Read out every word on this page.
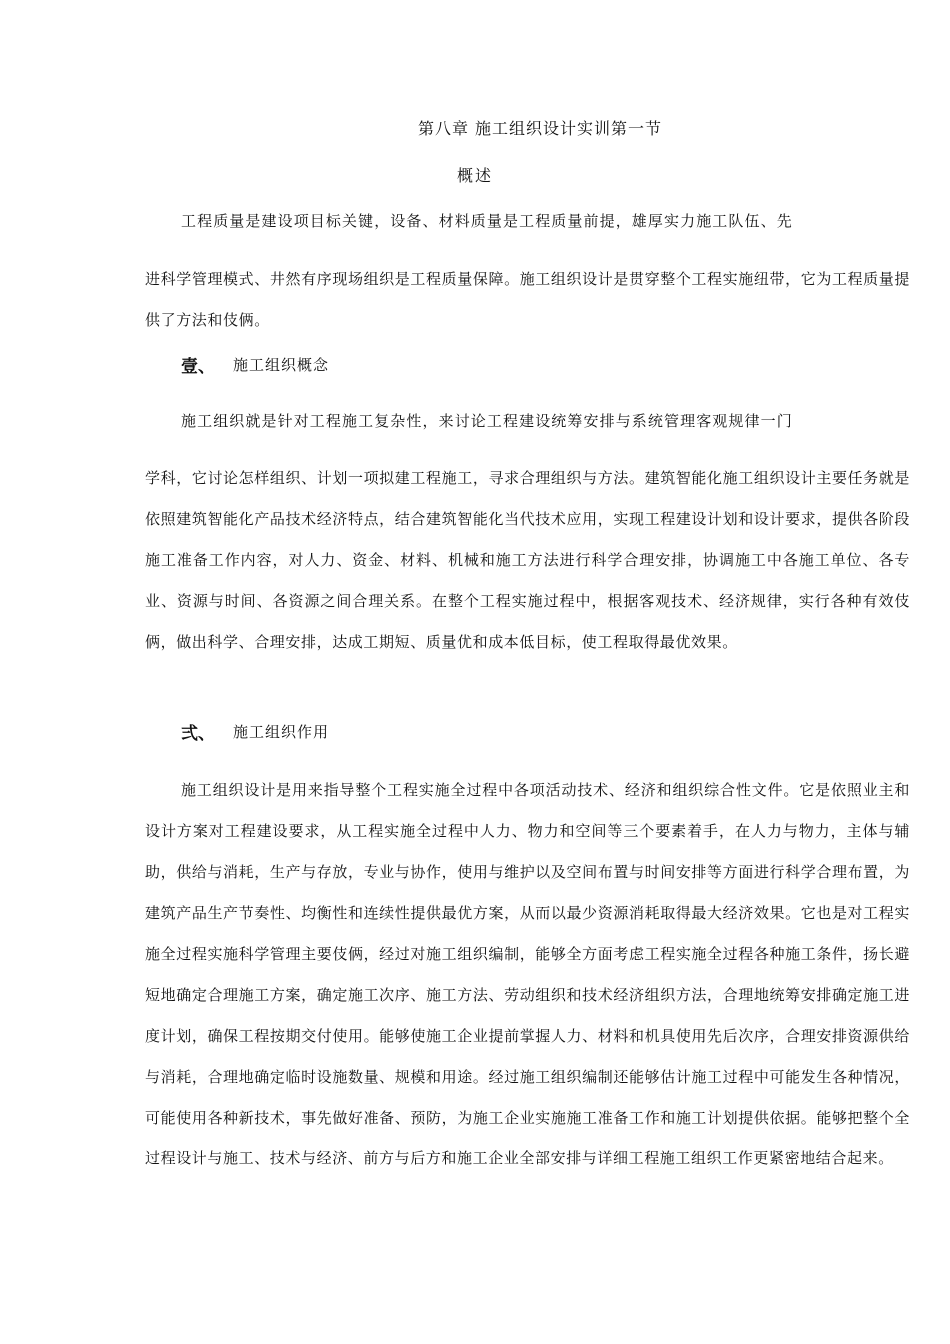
第八章 施工组织设计实训第一节
概述
工程质量是建设项目标关键，设备、材料质量是工程质量前提，雄厚实力施工队伍、先
进科学管理模式、井然有序现场组织是工程质量保障。施工组织设计是贯穿整个工程实施纽带，它为工程质量提供了方法和伎俩。
壹、	施工组织概念
施工组织就是针对工程施工复杂性，来讨论工程建设统筹安排与系统管理客观规律一门
学科，它讨论怎样组织、计划一项拟建工程施工，寻求合理组织与方法。建筑智能化施工组织设计主要任务就是依照建筑智能化产品技术经济特点，结合建筑智能化当代技术应用，实现工程建设计划和设计要求，提供各阶段施工准备工作内容，对人力、资金、材料、机械和施工方法进行科学合理安排，协调施工中各施工单位、各专业、资源与时间、各资源之间合理关系。在整个工程实施过程中，根据客观技术、经济规律，实行各种有效伎俩，做出科学、合理安排，达成工期短、质量优和成本低目标，使工程取得最优效果。
弍、	施工组织作用
施工组织设计是用来指导整个工程实施全过程中各项活动技术、经济和组织综合性文件。它是依照业主和设计方案对工程建设要求，从工程实施全过程中人力、物力和空间等三个要素着手，在人力与物力，主体与辅助，供给与消耗，生产与存放，专业与协作，使用与维护以及空间布置与时间安排等方面进行科学合理布置，为建筑产品生产节奏性、均衡性和连续性提供最优方案，从而以最少资源消耗取得最大经济效果。它也是对工程实施全过程实施科学管理主要伎俩，经过对施工组织编制，能够全方面考虑工程实施全过程各种施工条件，扬长避短地确定合理施工方案，确定施工次序、施工方法、劳动组织和技术经济组织方法，合理地统筹安排确定施工进度计划，确保工程按期交付使用。能够使施工企业提前掌握人力、材料和机具使用先后次序，合理安排资源供给与消耗，合理地确定临时设施数量、规模和用途。经过施工组织编制还能够估计施工过程中可能发生各种情况，可能使用各种新技术，事先做好准备、预防，为施工企业实施施工准备工作和施工计划提供依据。能够把整个全过程设计与施工、技术与经济、前方与后方和施工企业全部安排与详细工程施工组织工作更紧密地结合起来。
